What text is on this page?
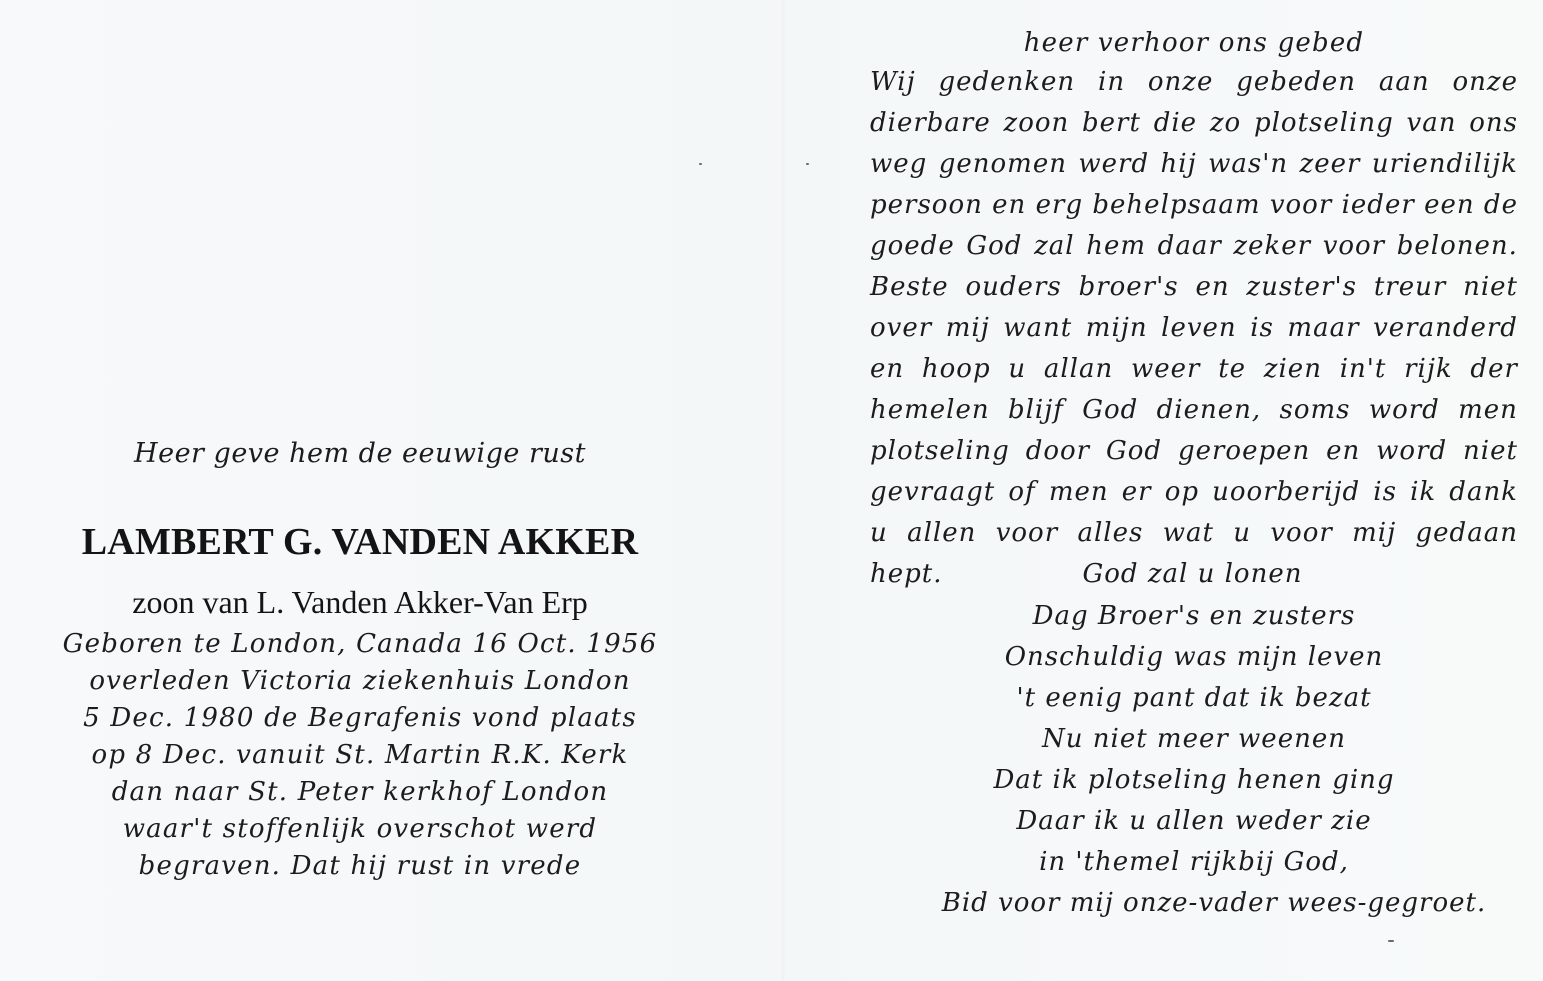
Heer geve hem de eeuwige rust
LAMBERT G. VANDEN AKKER
zoon van L. Vanden Akker-Van Erp
Geboren te London, Canada 16 Oct. 1956
overleden Victoria ziekenhuis London
5 Dec. 1980 de Begrafenis vond plaats
op 8 Dec. vanuit St. Martin R.K. Kerk
dan naar St. Peter kerkhof London
waar't stoffenlijk overschot werd
begraven. Dat hij rust in vrede
heer verhoor ons gebed
Wij gedenken in onze gebeden aan onze
dierbare zoon bert die zo plotseling van ons
weg genomen werd hij was'n zeer uriendilijk
persoon en erg behelpsaam voor ieder een de
goede God zal hem daar zeker voor belonen.
Beste ouders broer's en zuster's treur niet
over mij want mijn leven is maar veranderd
en hoop u allan weer te zien in't rijk der
hemelen blijf God dienen, soms word men
plotseling door God geroepen en word niet
gevraagt of men er op uoorberijd is ik dank
u allen voor alles wat u voor mij gedaan
hept.	God zal u lonen
Dag Broer's en zusters
Onschuldig was mijn leven
't eenig pant dat ik bezat
Nu niet meer weenen
Dat ik plotseling henen ging
Daar ik u allen weder zie
in 'themel rijkbij God,
Bid voor mij onze-vader wees-gegroet.
